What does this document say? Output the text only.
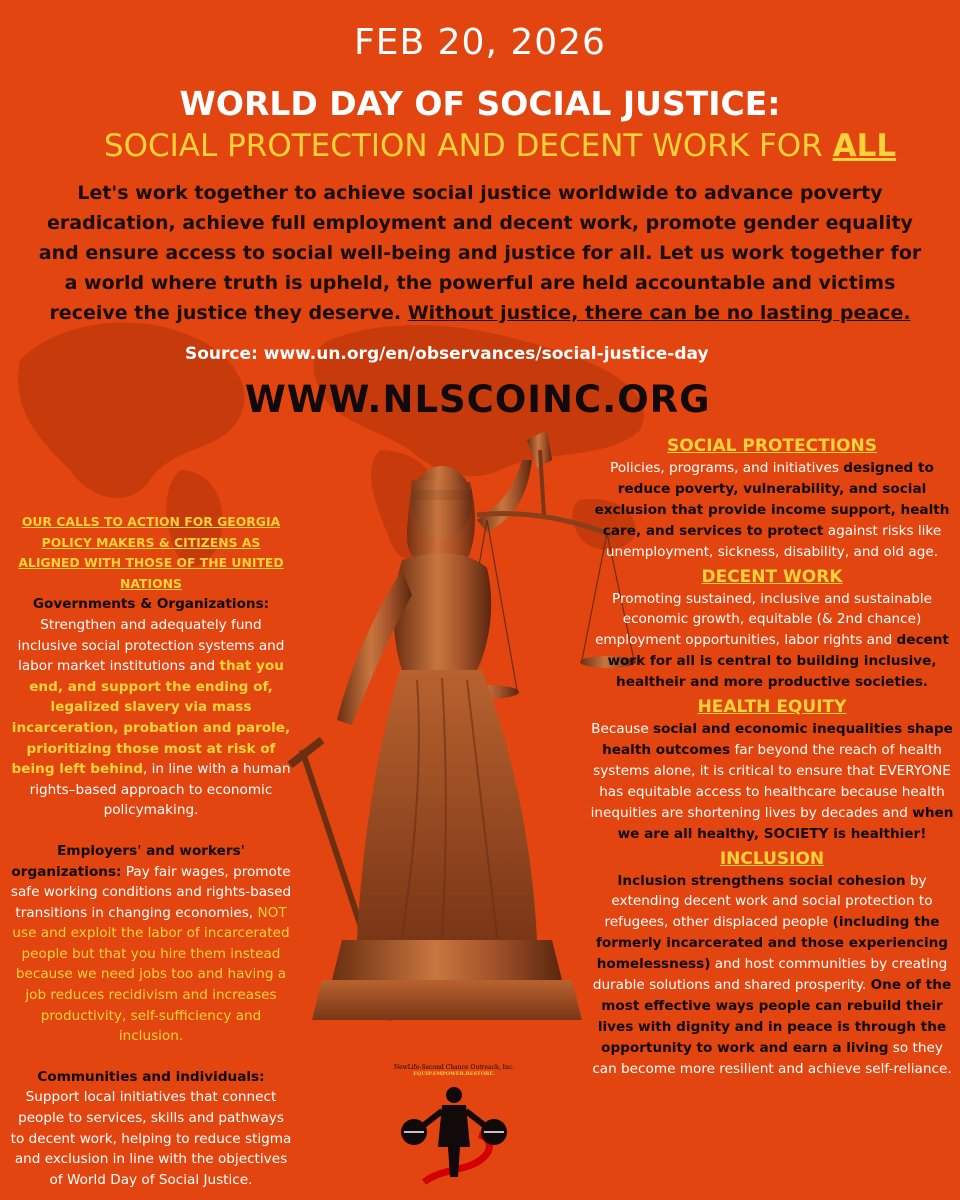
FEB 20, 2026
WORLD DAY OF SOCIAL JUSTICE:
SOCIAL PROTECTION AND DECENT WORK FOR ALL
Let's work together to achieve social justice worldwide to advance poverty eradication, achieve full employment and decent work, promote gender equality and ensure access to social well-being and justice for all. Let us work together for a world where truth is upheld, the powerful are held accountable and victims receive the justice they deserve. Without justice, there can be no lasting peace.
Source: www.un.org/en/observances/social-justice-day
WWW.NLSCOINC.ORG

OUR CALLS TO ACTION FOR GEORGIA POLICY MAKERS & CITIZENS AS ALIGNED WITH THOSE OF THE UNITED NATIONS

Governments & Organizations: Strengthen and adequately fund inclusive social protection systems and labor market institutions and that you end, and support the ending of, legalized slavery via mass incarceration, probation and parole, prioritizing those most at risk of being left behind, in line with a human rights–based approach to economic policymaking.

Employers' and workers' organizations: Pay fair wages, promote safe working conditions and rights-based transitions in changing economies, NOT use and exploit the labor of incarcerated people but that you hire them instead because we need jobs too and having a job reduces recidivism and increases productivity, self-sufficiency and inclusion.

Communities and individuals: Support local initiatives that connect people to services, skills and pathways to decent work, helping to reduce stigma and exclusion in line with the objectives of World Day of Social Justice.

SOCIAL PROTECTIONS

Policies, programs, and initiatives designed to reduce poverty, vulnerability, and social exclusion that provide income support, health care, and services to protect against risks like unemployment, sickness, disability, and old age.

DECENT WORK

Promoting sustained, inclusive and sustainable economic growth, equitable (& 2nd chance) employment opportunities, labor rights and decent work for all is central to building inclusive, healtheir and more productive societies.

HEALTH EQUITY

Because social and economic inequalities shape health outcomes far beyond the reach of health systems alone, it is critical to ensure that EVERYONE has equitable access to healthcare because health inequities are shortening lives by decades and when we are all healthy, SOCIETY is healthier!

INCLUSION

Inclusion strengthens social cohesion by extending decent work and social protection to refugees, other displaced people (including the formerly incarcerated and those experiencing homelessness) and host communities by creating durable solutions and shared prosperity. One of the most effective ways people can rebuild their lives with dignity and in peace is through the opportunity to work and earn a living so they can become more resilient and achieve self-reliance.

NewLife-Second Chance Outreach, Inc.
EQUIP.EMPOWER.RESTORE.
